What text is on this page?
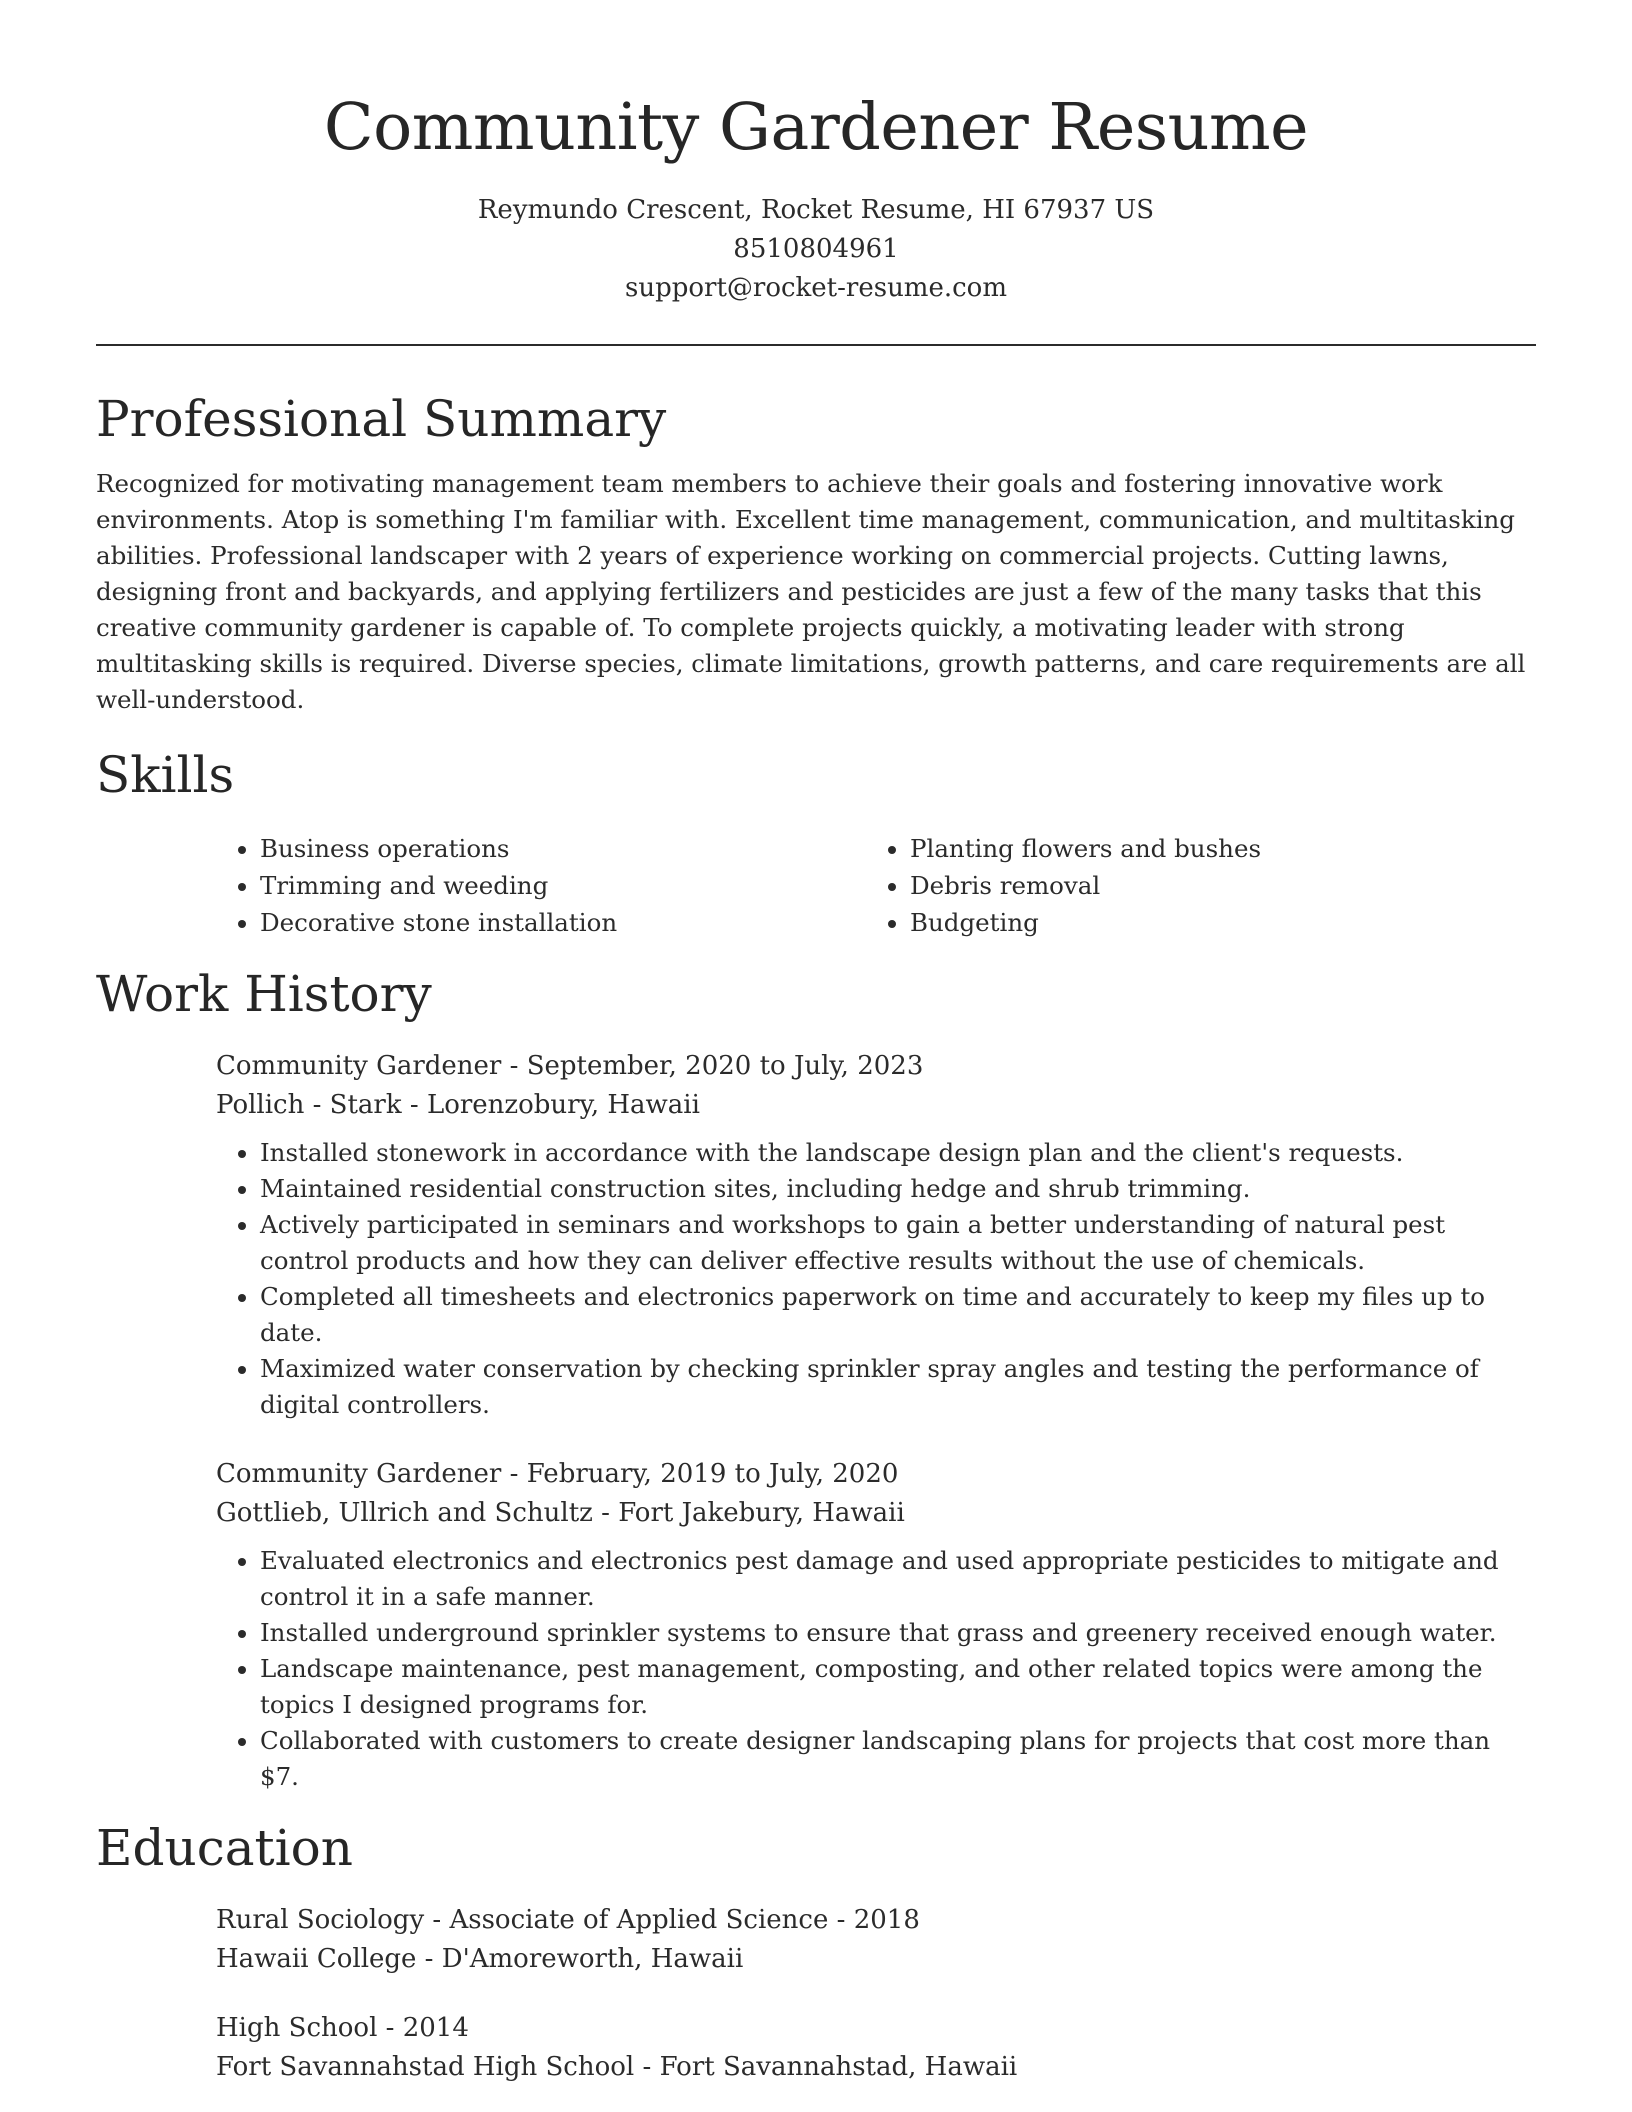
Community Gardener Resume
Reymundo Crescent, Rocket Resume, HI 67937 US
8510804961
support@rocket-resume.com
Professional Summary

Recognized for motivating management team members to achieve their goals and fostering innovative work environments. Atop is something I'm familiar with. Excellent time management, communication, and multitasking abilities. Professional landscaper with 2 years of experience working on commercial projects. Cutting lawns, designing front and backyards, and applying fertilizers and pesticides are just a few of the many tasks that this creative community gardener is capable of. To complete projects quickly, a motivating leader with strong multitasking skills is required. Diverse species, climate limitations, growth patterns, and care requirements are all well-understood.

Skills
• Business operations
• Trimming and weeding
• Decorative stone installation
• Planting flowers and bushes
• Debris removal
• Budgeting
Work History
Community Gardener - September, 2020 to July, 2023
Pollich - Stark - Lorenzobury, Hawaii
• Installed stonework in accordance with the landscape design plan and the client's requests.
• Maintained residential construction sites, including hedge and shrub trimming.
• Actively participated in seminars and workshops to gain a better understanding of natural pest control products and how they can deliver effective results without the use of chemicals.
• Completed all timesheets and electronics paperwork on time and accurately to keep my files up to date.
• Maximized water conservation by checking sprinkler spray angles and testing the performance of digital controllers.
Community Gardener - February, 2019 to July, 2020
Gottlieb, Ullrich and Schultz - Fort Jakebury, Hawaii
• Evaluated electronics and electronics pest damage and used appropriate pesticides to mitigate and control it in a safe manner.
• Installed underground sprinkler systems to ensure that grass and greenery received enough water.
• Landscape maintenance, pest management, composting, and other related topics were among the topics I designed programs for.
• Collaborated with customers to create designer landscaping plans for projects that cost more than $7.
Education
Rural Sociology - Associate of Applied Science - 2018
Hawaii College - D'Amoreworth, Hawaii
High School - 2014
Fort Savannahstad High School - Fort Savannahstad, Hawaii
